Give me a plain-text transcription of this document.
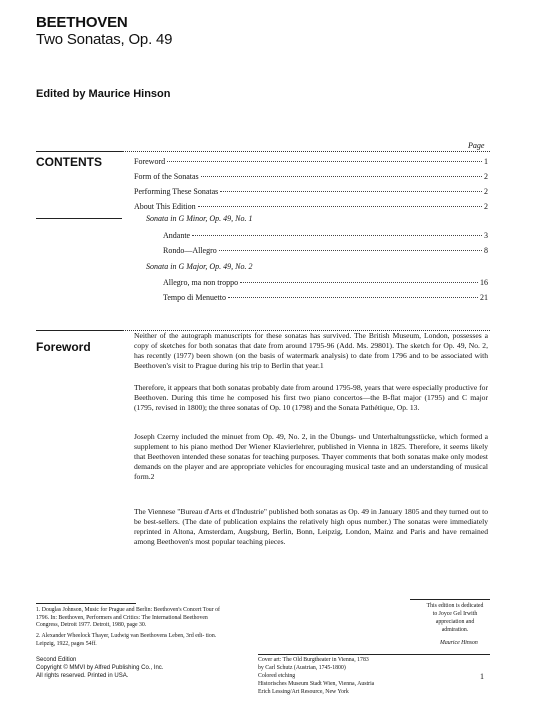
BEETHOVEN
Two Sonatas, Op. 49
Edited by Maurice Hinson
Page
CONTENTS	Foreword	1
Form of the Sonatas	2
Performing These Sonatas	2
About This Edition	2
Sonata in G Minor, Op. 49, No. 1
Andante	3
Rondo—Allegro	8
Sonata in G Major, Op. 49, No. 2
Allegro, ma non troppo	16
Tempo di Menuetto	21
Foreword
Neither of the autograph manuscripts for these sonatas has survived. The British Museum, London, possesses a copy of sketches for both sonatas that date from around 1795-96 (Add. Ms. 29801). The sketch for Op. 49, No. 2, has recently (1977) been shown (on the basis of watermark analysis) to date from 1796 and to be associated with Beethoven's visit to Prague during his trip to Berlin that year.1
Therefore, it appears that both sonatas probably date from around 1795-98, years that were especially productive for Beethoven. During this time he composed his first two piano concertos—the B-flat major (1795) and C major (1795, revised in 1800); the three sonatas of Op. 10 (1798) and the Sonata Pathétique, Op. 13.
Joseph Czerny included the minuet from Op. 49, No. 2, in the Übungs- und Unterhaltungsstücke, which formed a supplement to his piano method Der Wiener Klavierlehrer, published in Vienna in 1825. Therefore, it seems likely that Beethoven intended these sonatas for teaching purposes. Thayer comments that both sonatas make only modest demands on the player and are appropriate vehicles for encouraging musical taste and an understanding of musical form.2
The Viennese "Bureau d'Arts et d'Industrie" published both sonatas as Op. 49 in January 1805 and they turned out to be best-sellers. (The date of publication explains the relatively high opus number.) The sonatas were immediately reprinted in Altona, Amsterdam, Augsburg, Berlin, Bonn, Leipzig, London, Mainz and Paris and have remained among Beethoven's most popular teaching pieces.
1. Douglas Johnson, Music for Prague and Berlin: Beethoven's Concert Tour of 1796. In: Beethoven, Performers and Critics: The International Beethoven Congress, Detroit 1977. Detroit, 1980, page 30.
2. Alexander Wheelock Thayer, Ludwig van Beethovens Leben, 3rd edi- tion. Leipzig, 1922, pages 54ff.
Second Edition
Copyright © MMVI by Alfred Publishing Co., Inc.
All rights reserved. Printed in USA.
Cover art: The Old Burgtheater in Vienna, 1783
by Carl Schutz (Austrian, 1745-1800)
Colored etching
Historisches Museum Stadt Wien, Vienna, Austria
Erich Lessing/Art Resource, New York
This edition is dedicated
to Joyce Gel Irwith
appreciation and
admiration.
Maurice Hinson
1
